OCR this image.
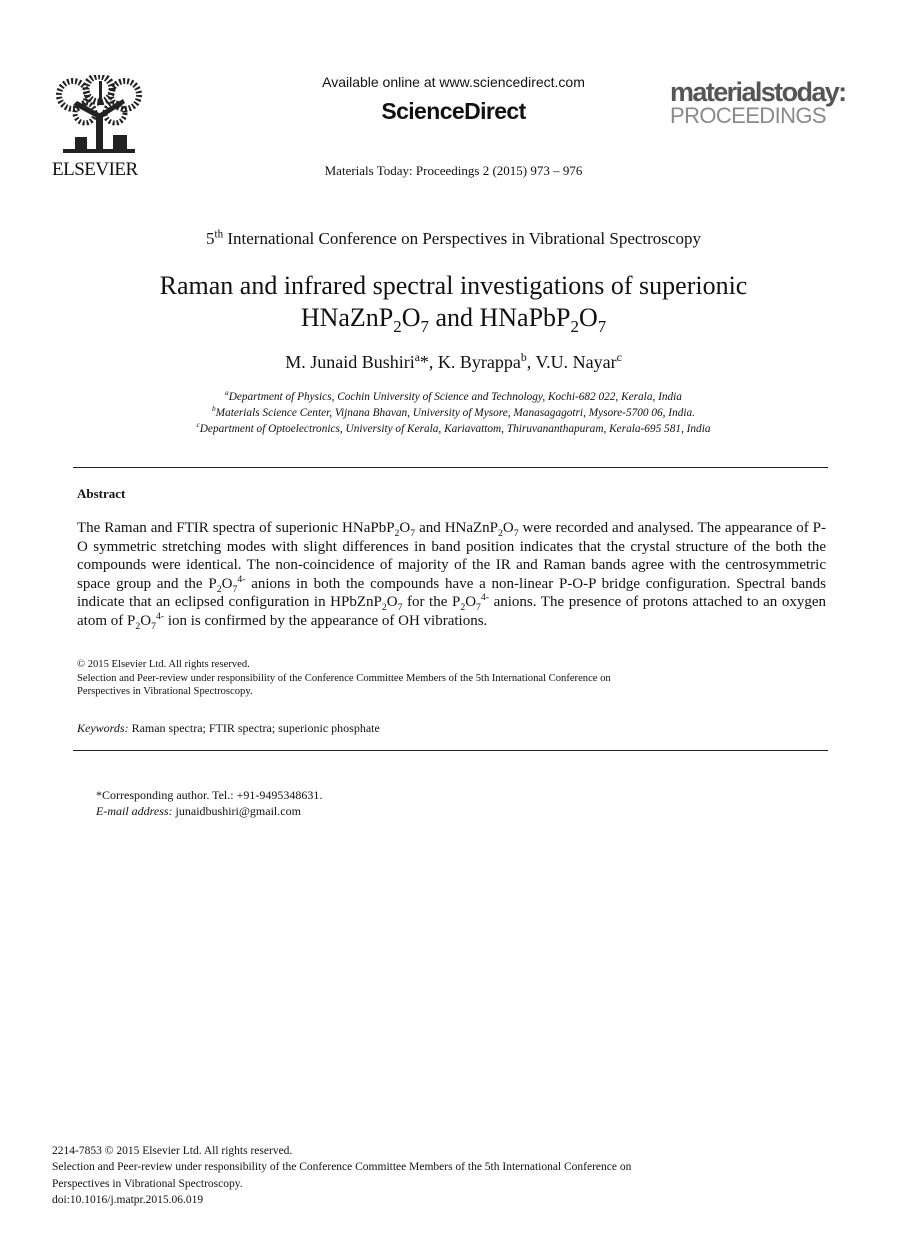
ELSEVIER
Available online at www.sciencedirect.com
ScienceDirect
Materials Today: Proceedings 2 (2015) 973 – 976
materialstoday:
PROCEEDINGS
5th International Conference on Perspectives in Vibrational Spectroscopy
Raman and infrared spectral investigations of superionic
$HNaZnP_2O_7$ and $HNaPbP_2O_7$
M. Junaid Bushiri$^a$*, K. Byrappa$^b$, V.U. Nayar$^c$
$^a$Department of Physics, Cochin University of Science and Technology, Kochi-682 022, Kerala, India
$^b$Materials Science Center, Vijnana Bhavan, University of Mysore, Manasagagotri, Mysore-5700 06, India.
$^c$Department of Optoelectronics, University of Kerala, Kariavattom, Thiruvananthapuram, Kerala-695 581, India
Abstract
The Raman and FTIR spectra of superionic $HNaPbP_2O_7$ and $HNaZnP_2O_7$ were recorded and analysed. The appearance of P-O symmetric stretching modes with slight differences in band position indicates that the crystal structure of the both the compounds were identical. The non-coincidence of majority of the IR and Raman bands agree with the centrosymmetric space group and the $P_2O_7^{4-}$ anions in both the compounds have a non-linear P-O-P bridge configuration. Spectral bands indicate that an eclipsed configuration in $HPbZnP_2O_7$ for the $P_2O_7^{4-}$ anions. The presence of protons attached to an oxygen atom of $P_2O_7^{4-}$ ion is confirmed by the appearance of OH vibrations.
© 2015 Elsevier Ltd. All rights reserved.
Selection and Peer-review under responsibility of the Conference Committee Members of the 5th International Conference on
Perspectives in Vibrational Spectroscopy.
Keywords: Raman spectra; FTIR spectra; superionic phosphate
*Corresponding author. Tel.: +91-9495348631.
E-mail address: junaidbushiri@gmail.com
2214-7853 © 2015 Elsevier Ltd. All rights reserved.
Selection and Peer-review under responsibility of the Conference Committee Members of the 5th International Conference on
Perspectives in Vibrational Spectroscopy.
doi:10.1016/j.matpr.2015.06.019
